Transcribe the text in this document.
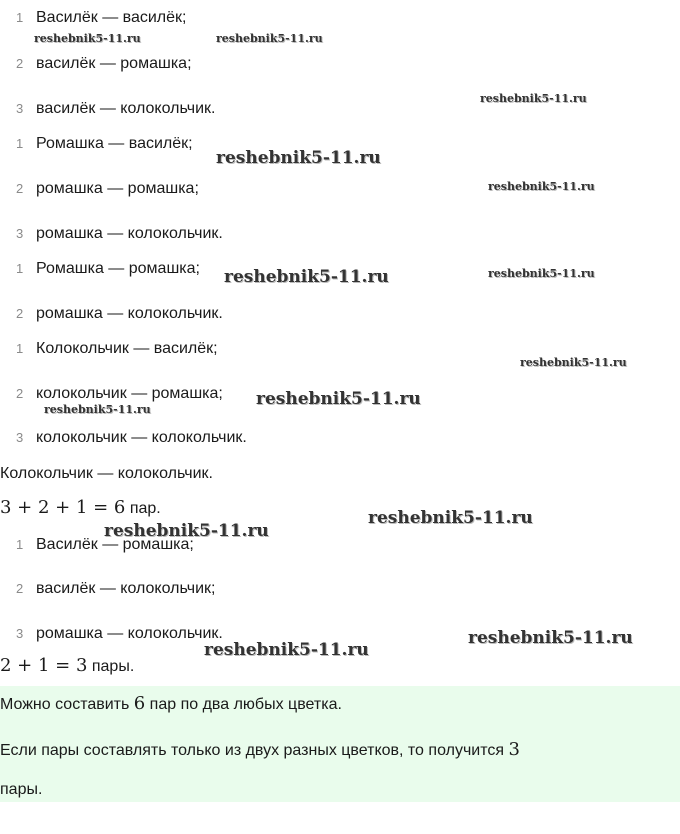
1 Василёк — василёк;
2 василёк — ромашка;
3 василёк — колокольчик.
1 Ромашка — василёк;
2 ромашка — ромашка;
3 ромашка — колокольчик.
1 Ромашка — ромашка;
2 ромашка — колокольчик.
1 Колокольчик — василёк;
2 колокольчик — ромашка;
3 колокольчик — колокольчик.
Колокольчик — колокольчик.
3 + 2 + 1 = 6 пар.
1 Василёк — ромашка;
2 василёк — колокольчик;
3 ромашка — колокольчик.
2 + 1 = 3 пары.
Можно составить 6 пар по два любых цветка.
Если пары составлять только из двух разных цветков, то получится 3
пары.
reshebnik5-11.ru	reshebnik5-11.ru
reshebnik5-11.ru
reshebnik5-11.ru
reshebnik5-11.ru
reshebnik5-11.ru	reshebnik5-11.ru
reshebnik5-11.ru
reshebnik5-11.ru
reshebnik5-11.ru
reshebnik5-11.ru
reshebnik5-11.ru
reshebnik5-11.ru
reshebnik5-11.ru
